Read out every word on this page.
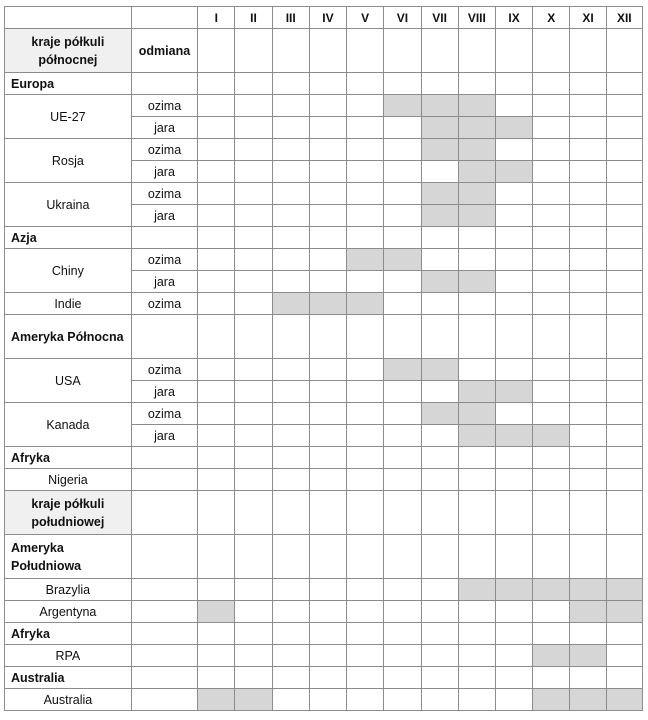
		I	II	III	IV	V	VI	VII	VIII	IX	X	XI	XII
kraje półkuli północnej	odmiana												
Europa													
UE-27	ozima												
	jara												
Rosja	ozima												
	jara												
Ukraina	ozima												
	jara												
Azja													
Chiny	ozima												
	jara												
Indie	ozima												
Ameryka Północna													
USA	ozima												
	jara												
Kanada	ozima												
	jara												
Afryka													
Nigeria													
kraje półkuli południowej													
Ameryka Południowa													
Brazylia													
Argentyna													
Afryka													
RPA													
Australia													
Australia													
